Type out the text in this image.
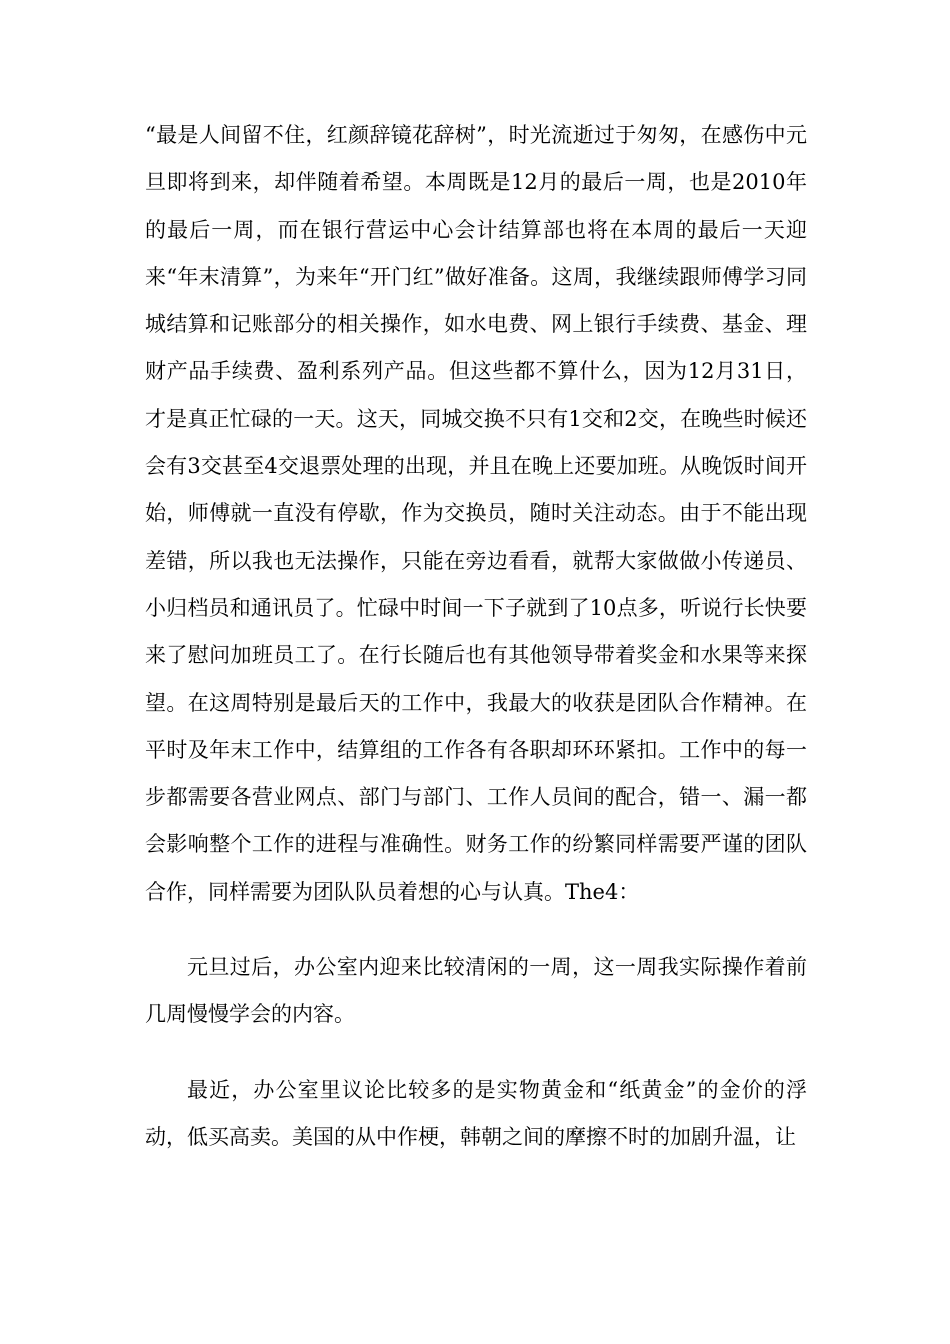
“最是人间留不住，红颜辞镜花辞树”，时光流逝过于匆匆，在感伤中元旦即将到来，却伴随着希望。本周既是12月的最后一周，也是2010年的最后一周，而在银行营运中心会计结算部也将在本周的最后一天迎来“年末清算”，为来年“开门红”做好准备。这周，我继续跟师傅学习同城结算和记账部分的相关操作，如水电费、网上银行手续费、基金、理财产品手续费、盈利系列产品。但这些都不算什么，因为12月31日，才是真正忙碌的一天。这天，同城交换不只有1交和2交，在晚些时候还会有3交甚至4交退票处理的出现，并且在晚上还要加班。从晚饭时间开始，师傅就一直没有停歇，作为交换员，随时关注动态。由于不能出现差错，所以我也无法操作，只能在旁边看看，就帮大家做做小传递员、小归档员和通讯员了。忙碌中时间一下子就到了10点多，听说行长快要来了慰问加班员工了。在行长随后也有其他领导带着奖金和水果等来探望。在这周特别是最后天的工作中，我最大的收获是团队合作精神。在平时及年末工作中，结算组的工作各有各职却环环紧扣。工作中的每一步都需要各营业网点、部门与部门、工作人员间的配合，错一、漏一都会影响整个工作的进程与准确性。财务工作的纷繁同样需要严谨的团队合作，同样需要为团队队员着想的心与认真。The4：

元旦过后，办公室内迎来比较清闲的一周，这一周我实际操作着前几周慢慢学会的内容。

最近，办公室里议论比较多的是实物黄金和“纸黄金”的金价的浮动，低买高卖。美国的从中作梗，韩朝之间的摩擦不时的加剧升温，让
